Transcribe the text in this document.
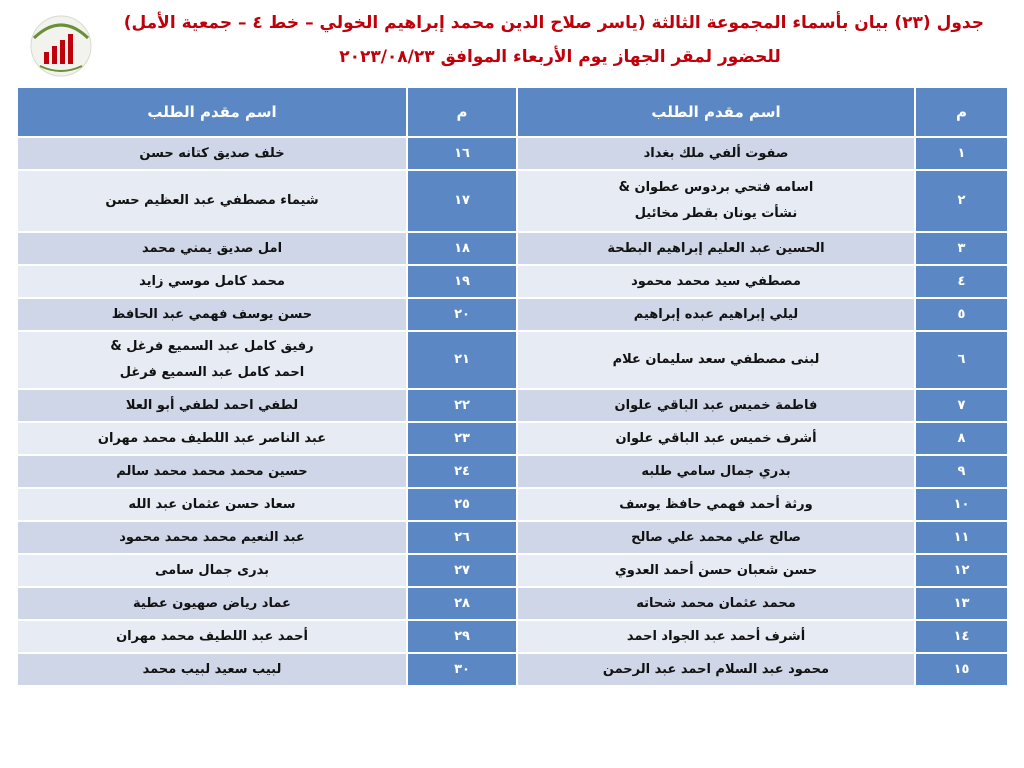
جدول (٢٣) بيان بأسماء المجموعة الثالثة (ياسر صلاح الدين محمد إبراهيم الخولي – خط ٤ – جمعية الأمل)
للحضور لمقر الجهاز يوم الأربعاء الموافق ٢٠٢٣/٠٨/٢٣
م	اسم مقدم الطلب	م	اسم مقدم الطلب
١	صفوت ألفي ملك بغداد	١٦	خلف صديق كتانه حسن
٢	اسامه فتحي بردوس عطوان &
نشأت يونان بقطر مخائيل	١٧	شيماء مصطفي عبد العظيم حسن
٣	الحسين عبد العليم إبراهيم البطحة	١٨	امل صديق يمني محمد
٤	مصطفي سيد محمد محمود	١٩	محمد كامل موسي زايد
٥	ليلي إبراهيم عبده إبراهيم	٢٠	حسن يوسف فهمي عبد الحافظ
٦	لبنى مصطفي سعد سليمان علام	٢١	رفيق كامل عبد السميع فرغل &
احمد كامل عبد السميع فرغل

٧	فاطمة خميس عبد الباقي علوان	٢٢	لطفي احمد لطفي أبو العلا
٨	أشرف خميس عبد الباقي علوان	٢٣	عبد الناصر عبد اللطيف محمد مهران
٩	بدري جمال سامي طلبه	٢٤	حسين محمد محمد محمد سالم
١٠	ورثة أحمد فهمي حافظ يوسف	٢٥	سعاد حسن عثمان عبد الله
١١	صالح علي محمد علي صالح	٢٦	عبد النعيم محمد محمد محمود
١٢	حسن شعبان حسن أحمد العدوي	٢٧	بدرى جمال سامى
١٣	محمد عثمان محمد شحاته	٢٨	عماد رياض صهيون عطية
١٤	أشرف أحمد عبد الجواد احمد	٢٩	أحمد عبد اللطيف محمد مهران
١٥	محمود عبد السلام احمد عبد الرحمن	٣٠	لبيب سعيد لبيب محمد
